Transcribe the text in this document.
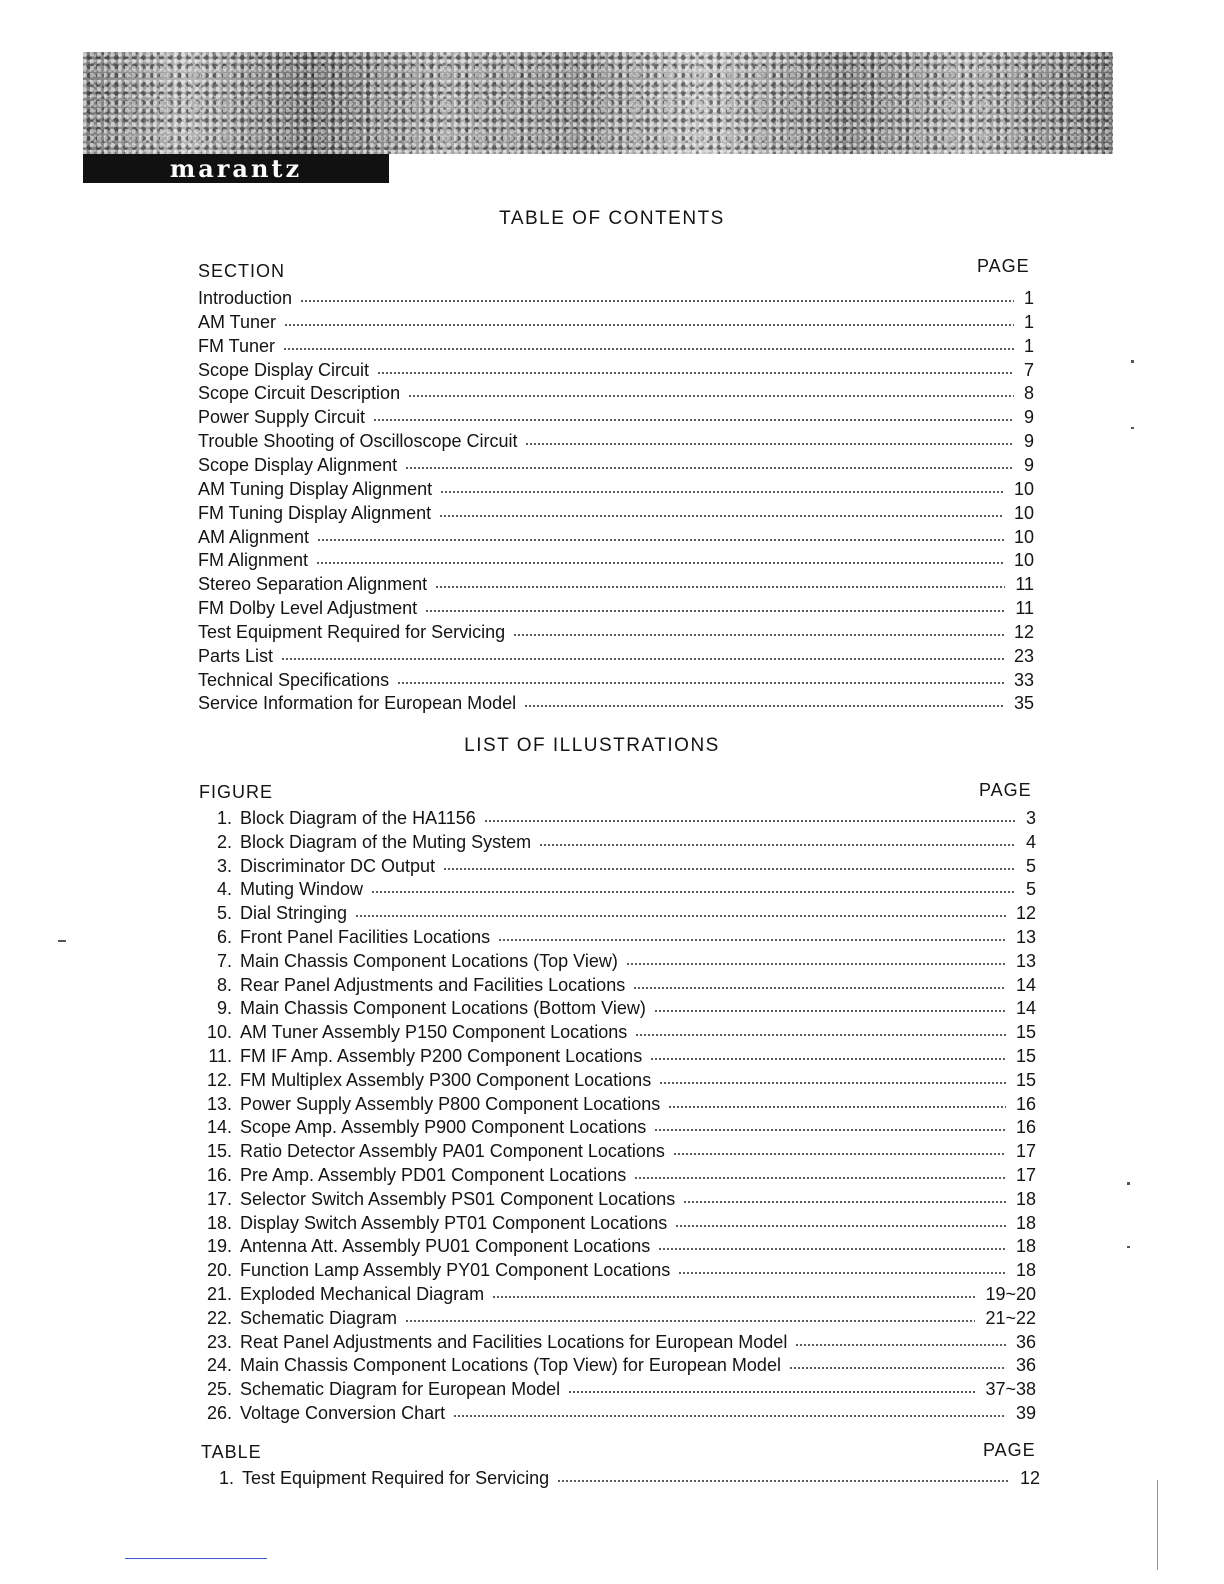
marantz
TABLE OF CONTENTS
SECTION	PAGE
Introduction	1
AM Tuner	1
FM Tuner	1
Scope Display Circuit	7
Scope Circuit Description	8
Power Supply Circuit	9
Trouble Shooting of Oscilloscope Circuit	9
Scope Display Alignment	9
AM Tuning Display Alignment	10
FM Tuning Display Alignment	10
AM Alignment	10
FM Alignment	10
Stereo Separation Alignment	11
FM Dolby Level Adjustment	11
Test Equipment Required for Servicing	12
Parts List	23
Technical Specifications	33
Service Information for European Model	35
LIST OF ILLUSTRATIONS
FIGURE	PAGE
1. Block Diagram of the HA1156	3
2. Block Diagram of the Muting System	4
3. Discriminator DC Output	5
4. Muting Window	5
5. Dial Stringing	12
6. Front Panel Facilities Locations	13
7. Main Chassis Component Locations (Top View)	13
8. Rear Panel Adjustments and Facilities Locations	14
9. Main Chassis Component Locations (Bottom View)	14
10. AM Tuner Assembly P150 Component Locations	15
11. FM IF Amp. Assembly P200 Component Locations	15
12. FM Multiplex Assembly P300 Component Locations	15
13. Power Supply Assembly P800 Component Locations	16
14. Scope Amp. Assembly P900 Component Locations	16
15. Ratio Detector Assembly PA01 Component Locations	17
16. Pre Amp. Assembly PD01 Component Locations	17
17. Selector Switch Assembly PS01 Component Locations	18
18. Display Switch Assembly PT01 Component Locations	18
19. Antenna Att. Assembly PU01 Component Locations	18
20. Function Lamp Assembly PY01 Component Locations	18
21. Exploded Mechanical Diagram	19~20
22. Schematic Diagram	21~22
23. Reat Panel Adjustments and Facilities Locations for European Model	36
24. Main Chassis Component Locations (Top View) for European Model	36
25. Schematic Diagram for European Model	37~38
26. Voltage Conversion Chart	39
TABLE	PAGE
1. Test Equipment Required for Servicing	12
